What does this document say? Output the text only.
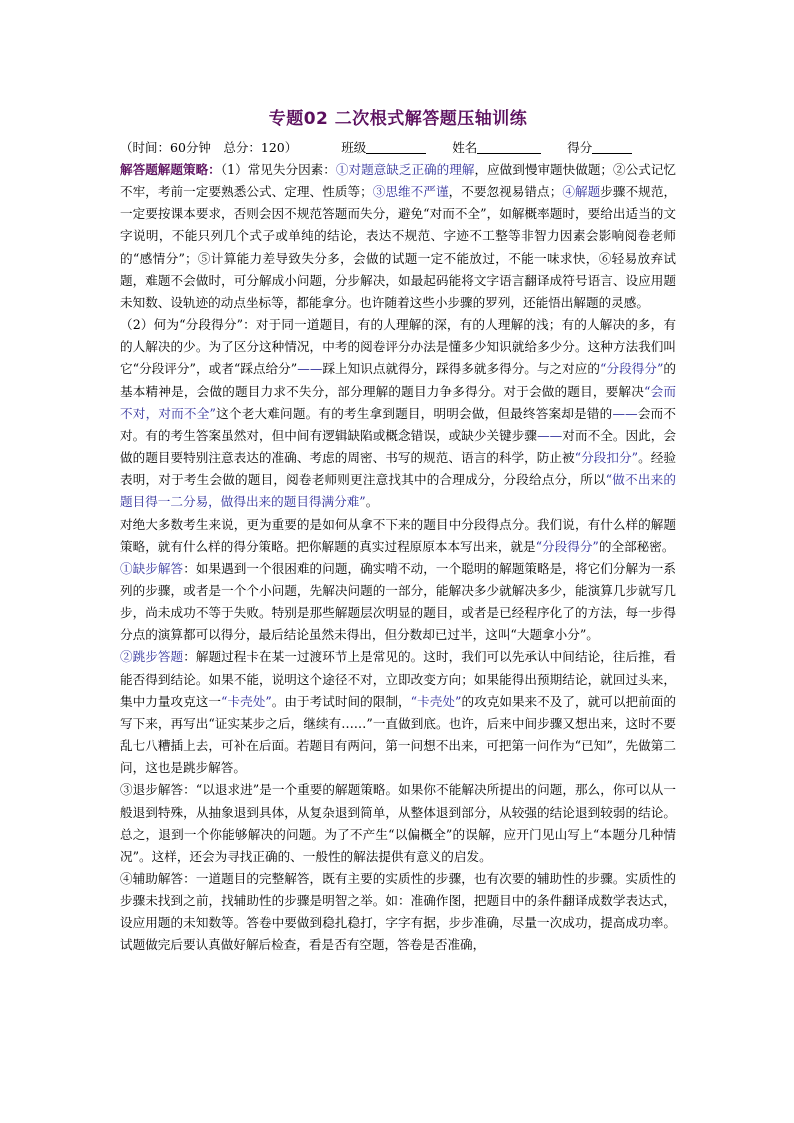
专题02 二次根式解答题压轴训练
（时间：60分钟　总分：120）	班级	姓名	得分

解答题解题策略：（1）常见失分因素：①对题意缺乏正确的理解，应做到慢审题快做题；②公式记忆不牢，考前一定要熟悉公式、定理、性质等；③思维不严谨，不要忽视易错点；④解题步骤不规范，一定要按课本要求，否则会因不规范答题而失分，避免“对而不全”，如解概率题时，要给出适当的文字说明，不能只列几个式子或单纯的结论，表达不规范、字迹不工整等非智力因素会影响阅卷老师的“感情分”；⑤计算能力差导致失分多，会做的试题一定不能放过，不能一味求快，⑥轻易放弃试题，难题不会做时，可分解成小问题，分步解决，如最起码能将文字语言翻译成符号语言、设应用题未知数、设轨迹的动点坐标等，都能拿分。也许随着这些小步骤的罗列，还能悟出解题的灵感。

（2）何为“分段得分”：对于同一道题目，有的人理解的深，有的人理解的浅；有的人解决的多，有的人解决的少。为了区分这种情况，中考的阅卷评分办法是懂多少知识就给多少分。这种方法我们叫它“分段评分”，或者“踩点给分”——踩上知识点就得分，踩得多就多得分。与之对应的“分段得分”的基本精神是，会做的题目力求不失分，部分理解的题目力争多得分。对于会做的题目，要解决“会而不对，对而不全”这个老大难问题。有的考生拿到题目，明明会做，但最终答案却是错的——会而不对。有的考生答案虽然对，但中间有逻辑缺陷或概念错误，或缺少关键步骤——对而不全。因此，会做的题目要特别注意表达的准确、考虑的周密、书写的规范、语言的科学，防止被“分段扣分”。经验表明，对于考生会做的题目，阅卷老师则更注意找其中的合理成分，分段给点分，所以“做不出来的题目得一二分易，做得出来的题目得满分难”。

对绝大多数考生来说，更为重要的是如何从拿不下来的题目中分段得点分。我们说，有什么样的解题策略，就有什么样的得分策略。把你解题的真实过程原原本本写出来，就是“分段得分”的全部秘密。

①缺步解答：如果遇到一个很困难的问题，确实啃不动，一个聪明的解题策略是，将它们分解为一系列的步骤，或者是一个个小问题，先解决问题的一部分，能解决多少就解决多少，能演算几步就写几步，尚未成功不等于失败。特别是那些解题层次明显的题目，或者是已经程序化了的方法，每一步得分点的演算都可以得分，最后结论虽然未得出，但分数却已过半，这叫“大题拿小分”。

②跳步答题：解题过程卡在某一过渡环节上是常见的。这时，我们可以先承认中间结论，往后推，看能否得到结论。如果不能，说明这个途径不对，立即改变方向；如果能得出预期结论，就回过头来，集中力量攻克这一“卡壳处”。由于考试时间的限制，“卡壳处”的攻克如果来不及了，就可以把前面的写下来，再写出“证实某步之后，继续有……”一直做到底。也许，后来中间步骤又想出来，这时不要乱七八糟插上去，可补在后面。若题目有两问，第一问想不出来，可把第一问作为“已知”，先做第二问，这也是跳步解答。

③退步解答：“以退求进”是一个重要的解题策略。如果你不能解决所提出的问题，那么，你可以从一般退到特殊，从抽象退到具体，从复杂退到简单，从整体退到部分，从较强的结论退到较弱的结论。总之，退到一个你能够解决的问题。为了不产生“以偏概全”的误解，应开门见山写上“本题分几种情况”。这样，还会为寻找正确的、一般性的解法提供有意义的启发。

④辅助解答：一道题目的完整解答，既有主要的实质性的步骤，也有次要的辅助性的步骤。实质性的步骤未找到之前，找辅助性的步骤是明智之举。如：准确作图，把题目中的条件翻译成数学表达式，设应用题的未知数等。答卷中要做到稳扎稳打，字字有据，步步准确，尽量一次成功，提高成功率。试题做完后要认真做好解后检查，看是否有空题，答卷是否准确，
